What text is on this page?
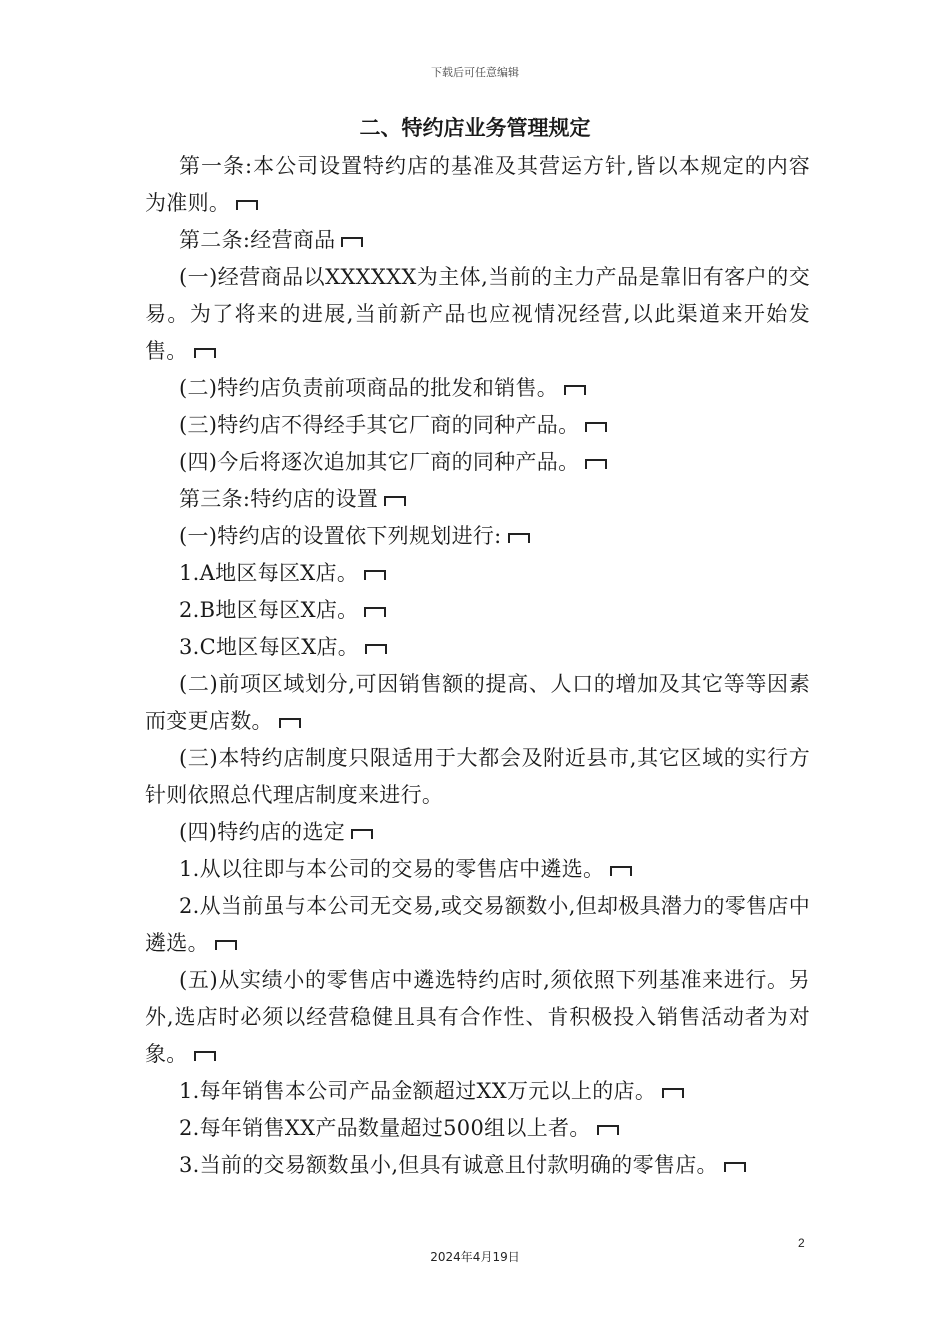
下载后可任意编辑
二、特约店业务管理规定

第一条:本公司设置特约店的基准及其营运方针,皆以本规定的内容为准则。

第二条:经营商品

(一)经营商品以XXXXXX为主体,当前的主力产品是靠旧有客户的交易。为了将来的进展,当前新产品也应视情况经营,以此渠道来开始发售。

(二)特约店负责前项商品的批发和销售。

(三)特约店不得经手其它厂商的同种产品。

(四)今后将逐次追加其它厂商的同种产品。

第三条:特约店的设置

(一)特约店的设置依下列规划进行:

1.A地区每区X店。

2.B地区每区X店。

3.C地区每区X店。

(二)前项区域划分,可因销售额的提高、人口的增加及其它等等因素而变更店数。

(三)本特约店制度只限适用于大都会及附近县市,其它区域的实行方针则依照总代理店制度来进行。

(四)特约店的选定

1.从以往即与本公司的交易的零售店中遴选。

2.从当前虽与本公司无交易,或交易额数小,但却极具潜力的零售店中遴选。

(五)从实绩小的零售店中遴选特约店时,须依照下列基准来进行。另外,选店时必须以经营稳健且具有合作性、肯积极投入销售活动者为对象。

1.每年销售本公司产品金额超过XX万元以上的店。

2.每年销售XX产品数量超过500组以上者。

3.当前的交易额数虽小,但具有诚意且付款明确的零售店。

2
2024年4月19日
